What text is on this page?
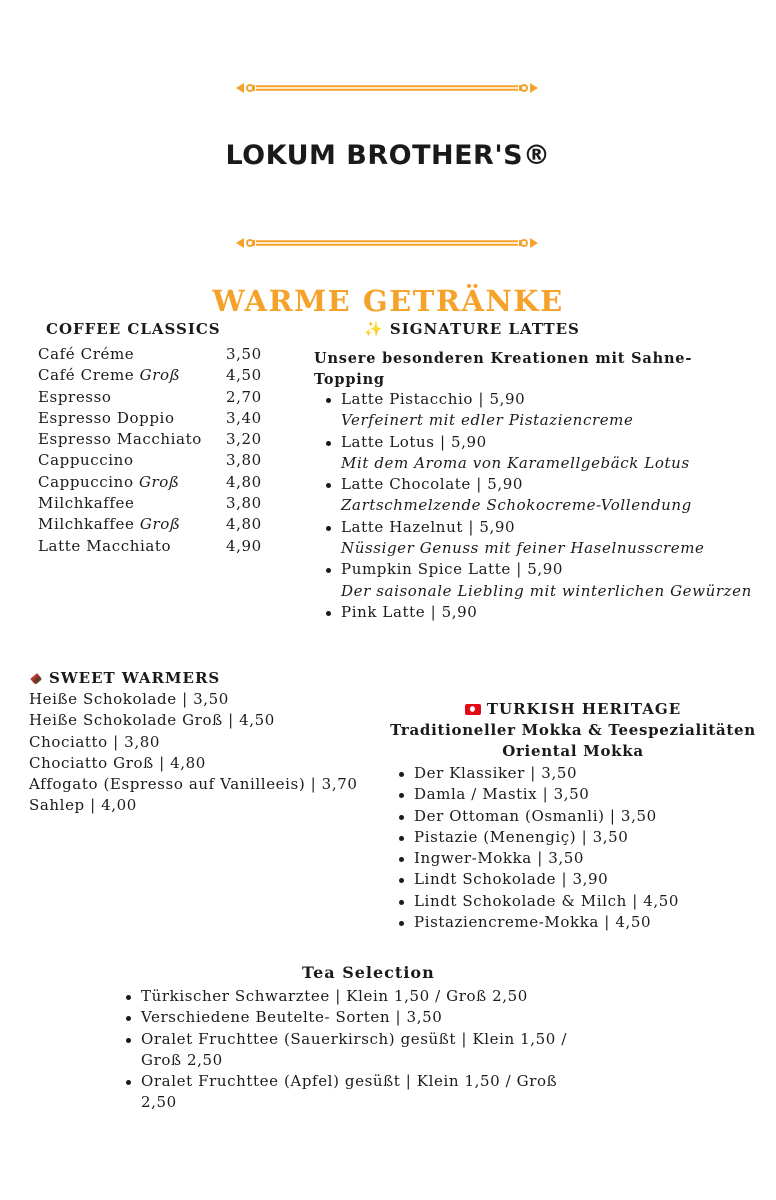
LOKUM BROTHER'S®
WARME GETRÄNKE
COFFEE CLASSICS
Café Créme	3,50
Café Creme Groß	4,50
Espresso	2,70
Espresso Doppio	3,40
Espresso Macchiato	3,20
Cappuccino	3,80
Cappuccino Groß	4,80
Milchkaffee	3,80
Milchkaffee Groß	4,80
Latte Macchiato	4,90
✨ SIGNATURE LATTES
Unsere besonderen Kreationen mit Sahne-
Topping
Latte Pistacchio | 5,90
Verfeinert mit edler Pistaziencreme
Latte Lotus | 5,90
Mit dem Aroma von Karamellgebäck Lotus
Latte Chocolate | 5,90
Zartschmelzende Schokocreme-Vollendung
Latte Hazelnut | 5,90
Nüssiger Genuss mit feiner Haselnusscreme
Pumpkin Spice Latte | 5,90
Der saisonale Liebling mit winterlichen Gewürzen
Pink Latte | 5,90
SWEET WARMERS
Heiße Schokolade | 3,50
Heiße Schokolade Groß | 4,50
Chociatto | 3,80
Chociatto Groß | 4,80
Affogato (Espresso auf Vanilleeis) | 3,70
Sahlep | 4,00
TURKISH HERITAGE
Traditioneller Mokka & Teespezialitäten
Oriental Mokka
Der Klassiker | 3,50
Damla / Mastix | 3,50
Der Ottoman (Osmanli) | 3,50
Pistazie (Menengiç) | 3,50
Ingwer-Mokka | 3,50
Lindt Schokolade | 3,90
Lindt Schokolade & Milch | 4,50
Pistaziencreme-Mokka | 4,50
Tea Selection
Türkischer Schwarztee | Klein 1,50 / Groß 2,50
Verschiedene Beutelte- Sorten | 3,50
Oralet Fruchttee (Sauerkirsch) gesüßt | Klein 1,50 /
Groß 2,50
Oralet Fruchttee (Apfel) gesüßt | Klein 1,50 / Groß
2,50
